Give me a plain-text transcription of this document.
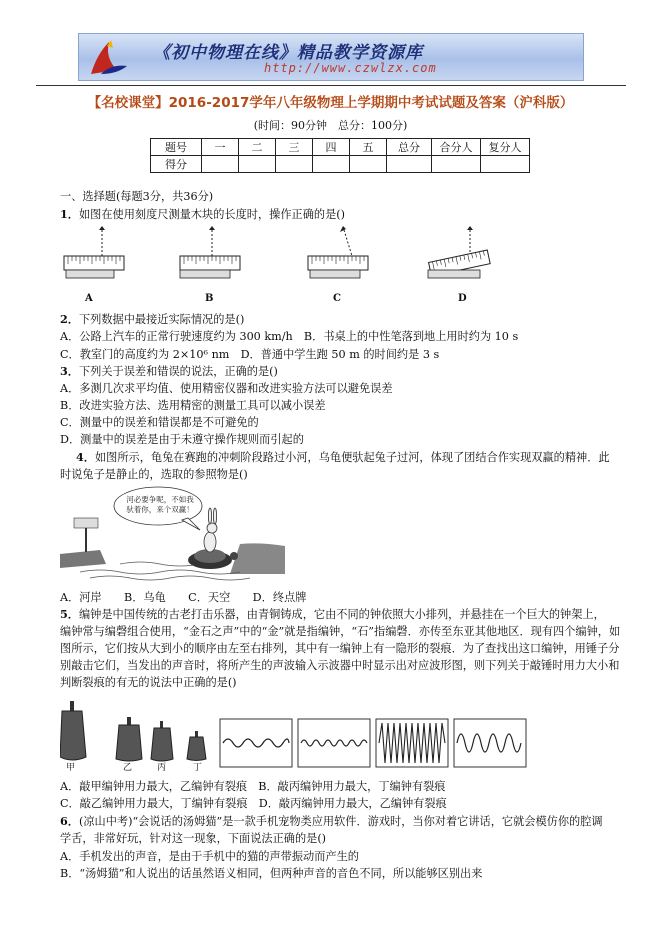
《初中物理在线》精品教学资源库
http://www.czwlzx.com
【名校课堂】2016-2017学年八年级物理上学期期中考试试题及答案（沪科版）
(时间：90分钟　总分：100分)
题号	一	二	三	四	五	总分	合分人	复分人
得分								
一、选择题(每题3分，共36分)
1．如图在使用刻度尺测量木块的长度时，操作正确的是()
A	B	C	D
2．下列数据中最接近实际情况的是()
A．公路上汽车的正常行驶速度约为 300 km/h　B．书桌上的中性笔落到地上用时约为 10 s
C．教室门的高度约为 2×10⁶ nm　D．普通中学生跑 50 m 的时间约是 3 s
3．下列关于误差和错误的说法，正确的是()
A．多测几次求平均值、使用精密仪器和改进实验方法可以避免误差
B．改进实验方法、选用精密的测量工具可以减小误差
C．测量中的误差和错误都是不可避免的
D．测量中的误差是由于未遵守操作规则而引起的
4．如图所示，龟兔在赛跑的冲刺阶段路过小河，乌龟便驮起兔子过河，体现了团结合作实现双赢的精神．此
时说兔子是静止的，选取的参照物是()
河必要争呢，不如我驮着你，来个双赢！
A．河岸　　B．乌龟　　C．天空　　D．终点牌
5．编钟是中国传统的古老打击乐器，由青铜铸成，它由不同的钟依照大小排列，并悬挂在一个巨大的钟架上，
编钟常与编磬组合使用，“金石之声”中的“金”就是指编钟，“石”指编磬．亦传至东亚其他地区．现有四个编钟，如
图所示，它们按从大到小的顺序由左至右排列，其中有一编钟上有一隐形的裂痕．为了查找出这口编钟，用锤子分
别敲击它们，当发出的声音时，将所产生的声波输入示波器中时显示出对应波形图，则下列关于敲锤时用力大小和
判断裂痕的有无的说法中正确的是()
甲	乙	丙	丁
A．敲甲编钟用力最大，乙编钟有裂痕　B．敲丙编钟用力最大，丁编钟有裂痕
C．敲乙编钟用力最大，丁编钟有裂痕　D．敲丙编钟用力最大，乙编钟有裂痕
6．(凉山中考)“会说话的汤姆猫”是一款手机宠物类应用软件．游戏时，当你对着它讲话，它就会模仿你的腔调
学舌，非常好玩，针对这一现象，下面说法正确的是()
A．手机发出的声音，是由于手机中的猫的声带振动而产生的
B．“汤姆猫”和人说出的话虽然语义相同，但两种声音的音色不同，所以能够区别出来
